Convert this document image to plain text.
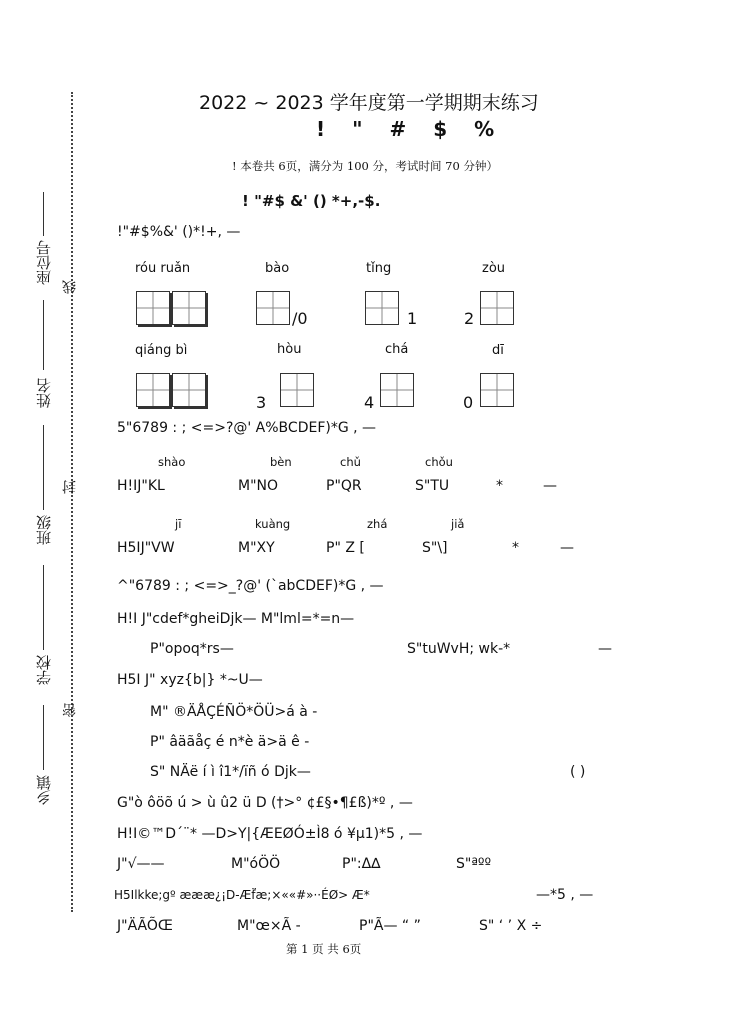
座位号
线
姓名
班级
封
学校
密
乡镇
2022 ~ 2023 学年度第一学期期末练习
! " # $ %
! 本卷共 6页，满分为 100 分，考试时间 70 分钟）
! "#$ &' () *+,-$.
!"#$%&' ()*!+, —
róu ruǎn	bào	tǐng	zòu
/0	1	2
qiáng bì	hòu	chá	dī
3	4	0
5"6789 : ; <=>?@' A%BCDEF)*G , —
shào	bèn	chǔ	chǒu
H!IJ"KL	M"NO	P"QR	S"TU	*	—
jī	kuàng	zhá	jiǎ
H5IJ"VW	M"XY	P" Z [	S"\]	*	—
^"6789 : ; <=>_?@' (`abCDEF)*G , —
H!I J"cdef*gheiDjk— M"lml=*=n—
P"opoq*rs—	S"tuWvH; wk-*	—
H5I J" xyz{b|} *~U—
M" ®ÄÅÇÉÑÖ*ÖÜ>á à -
P" âäãåç é n*è ä>ä ê -
S" NÄë í ì î1*/ïñ ó Djk—	( )
G"ò ôöõ ú > ù û2 ü D (†>° ¢£§•¶£ß)*º , —
H!I©™D´¨* —D>Y|{ÆEØÓ±Ì8 ó ¥µ1)*5 , —
J"√——	M"óÖÖ	P":Δ∆	S"ªºº
H5Ilkke;gº æææ¿¡D-Æf̈æ;×««#»··ÉØ> Æ*	—*5 , —
J"ÄÃÕŒ	M"œ×Ã -	P"Ã— “ ”	S" ‘ ’ X ÷
第 1 页 共 6页
